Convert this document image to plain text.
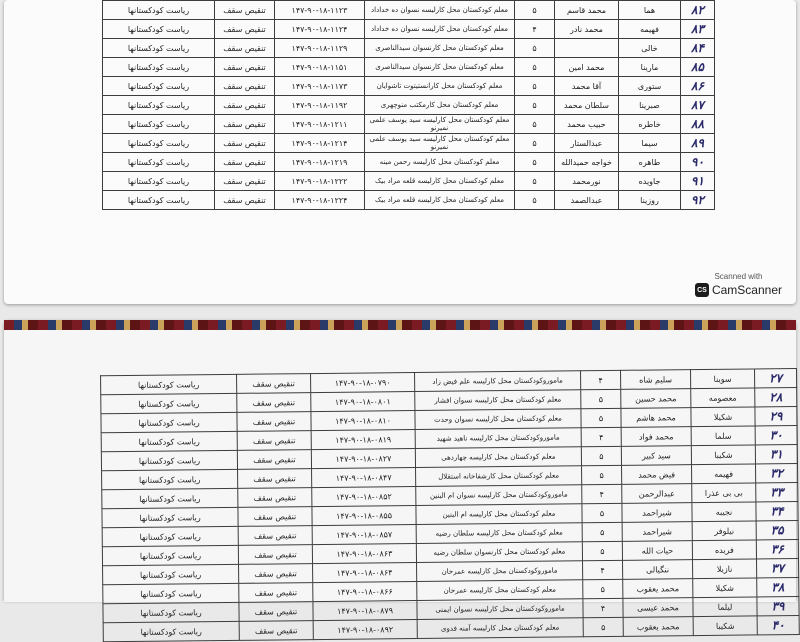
۸۲	هما	محمد قاسم	۵	معلم کودکستان محل کارلیسه نسوان ده خداداد	۱۴۷-۹۰-۱۸-۱۱۲۳	تنقیص سقف	ریاست کودکستانها
۸۳	فهیمه	محمد نادر	۴	معلم کودکستان محل کارلیسه نسوان ده خداداد	۱۴۷-۹۰-۱۸-۱۱۲۴	تنقیص سقف	ریاست کودکستانها
۸۴	خالی		۵	معلم کودکستان محل کارنسوان سیدالناصری	۱۴۷-۹۰-۱۸-۱۱۲۹	تنقیص سقف	ریاست کودکستانها
۸۵	مارینا	محمد امین	۵	معلم کودکستان محل کارنسوان سیدالناصری	۱۴۷-۹۰-۱۸-۱۱۵۱	تنقیص سقف	ریاست کودکستانها
۸۶	ستوری	آقا محمد	۵	معلم کودکستان محل کارانستیتوت تاشوایان	۱۴۷-۹۰-۱۸-۱۱۷۳	تنقیص سقف	ریاست کودکستانها
۸۷	صبرینا	سلطان محمد	۵	معلم کودکستان محل کارمکتب منوچهری	۱۴۷-۹۰-۱۸-۱۱۹۲	تنقیص سقف	ریاست کودکستانها
۸۸	خاطره	حبیب محمد	۵	معلم کودکستان محل کارلیسه سید یوسف علمی نمیرنو	۱۴۷-۹۰-۱۸-۱۲۱۱	تنقیص سقف	ریاست کودکستانها
۸۹	سیما	عبدالستار	۵	معلم کودکستان محل کارلیسه سید یوسف علمی نمیرنو	۱۴۷-۹۰-۱۸-۱۲۱۴	تنقیص سقف	ریاست کودکستانها
۹۰	طاهره	خواجه حمیدالله	۵	معلم کودکستان محل کارلیسه رحمن مینه	۱۴۷-۹۰-۱۸-۱۲۱۹	تنقیص سقف	ریاست کودکستانها
۹۱	جاویده	نورمحمد	۵	معلم کودکستان محل کارلیسه قلعه مراد بیک	۱۴۷-۹۰-۱۸-۱۲۲۲	تنقیص سقف	ریاست کودکستانها
۹۲	روزینا	عبدالصمد	۵	معلم کودکستان محل کارلیسه قلعه مراد بیک	۱۴۷-۹۰-۱۸-۱۲۲۴	تنقیص سقف	ریاست کودکستانها
Scanned with
CS CamScanner
۲۷	سوینا	سلیم شاه	۴	ماموروکودکستان محل کارلیسه علم فیض زاد	۱۴۷-۹۰-۱۸-۰۷۹۰	تنقیص سقف	ریاست کودکستانها
۲۸	معصومه	محمد حسین	۵	معلم کودکستان محل کارلیسه نسوان افشار	۱۴۷-۹۰-۱۸-۰۸۰۱	تنقیص سقف	ریاست کودکستانها
۲۹	شکیلا	محمد هاشم	۵	معلم کودکستان محل کارلیسه نسوان وحدت	۱۴۷-۹۰-۱۸-۰۸۱۰	تنقیص سقف	ریاست کودکستانها
۳۰	سلما	محمد فواد	۴	ماموروکودکستان محل کارلیسه ناهید شهید	۱۴۷-۹۰-۱۸-۰۸۱۹	تنقیص سقف	ریاست کودکستانها
۳۱	شکیبا	سید کبیر	۵	معلم کودکستان محل کارلیسه چهاردهی	۱۴۷-۹۰-۱۸-۰۸۲۷	تنقیص سقف	ریاست کودکستانها
۳۲	فهیمه	فیض محمد	۵	معلم کودکستان محل کارشفاخانه استقلال	۱۴۷-۹۰-۱۸-۰۸۴۷	تنقیص سقف	ریاست کودکستانها
۳۳	بی بی عذرا	عبدالرحمن	۴	ماموروکودکستان محل کارلیسه نسوان ام البنین	۱۴۷-۹۰-۱۸-۰۸۵۲	تنقیص سقف	ریاست کودکستانها
۳۴	نجیبه	شیراحمد	۵	معلم کودکستان محل کارلیسه ام البنین	۱۴۷-۹۰-۱۸-۰۸۵۵	تنقیص سقف	ریاست کودکستانها
۳۵	نیلوفر	شیراحمد	۵	معلم کودکستان محل کارلیسه سلطان رضیه	۱۴۷-۹۰-۱۸-۰۸۵۷	تنقیص سقف	ریاست کودکستانها
۳۶	فریده	حیات الله	۵	معلم کودکستان محل کارنسوان سلطان رضیه	۱۴۷-۹۰-۱۸-۰۸۶۳	تنقیص سقف	ریاست کودکستانها
۳۷	نازیلا	ننگیالی	۴	ماموروکودکستان محل کارلیسه عمرخان	۱۴۷-۹۰-۱۸-۰۸۶۴	تنقیص سقف	ریاست کودکستانها
۳۸	شکیلا	محمد یعقوب	۵	معلم کودکستان محل کارلیسه عمرخان	۱۴۷-۹۰-۱۸-۰۸۶۶	تنقیص سقف	ریاست کودکستانها
۳۹	لیلما	محمد عیسی	۴	ماموروکودکستان محل کارلیسه نسوان ایمنی	۱۴۷-۹۰-۱۸-۰۸۷۹	تنقیص سقف	ریاست کودکستانها
۴۰	شکیبا	محمد یعقوب	۵	معلم کودکستان محل کارلیسه آمنه فدوی	۱۴۷-۹۰-۱۸-۰۸۹۲	تنقیص سقف	ریاست کودکستانها
